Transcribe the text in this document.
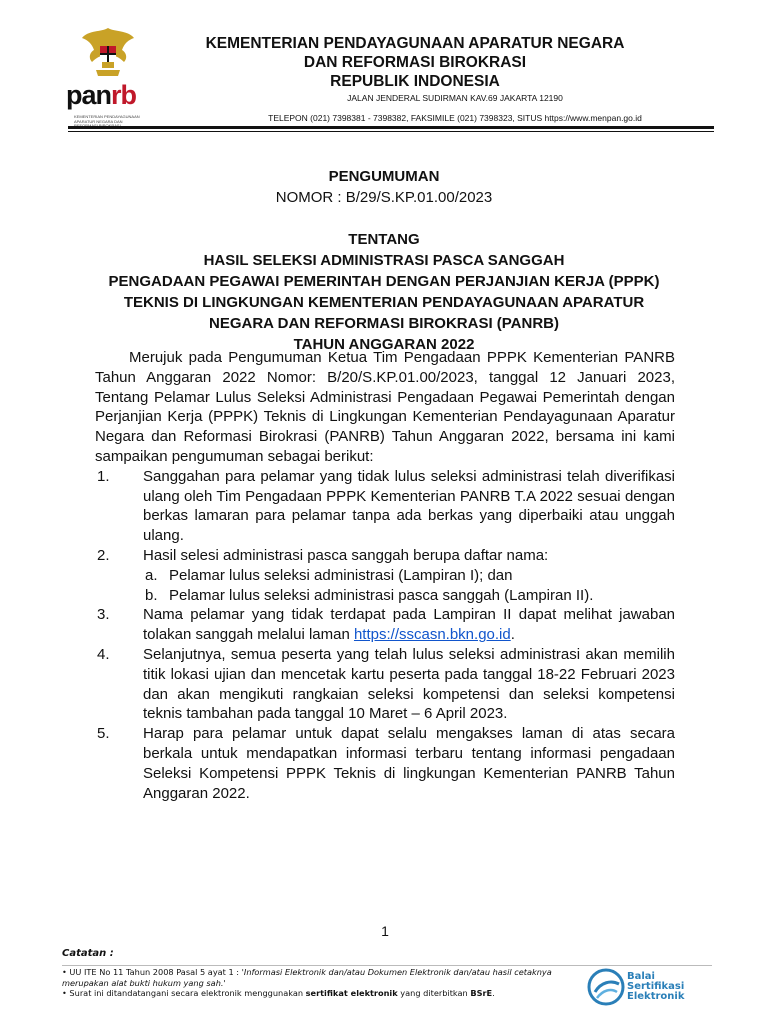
panrb
KEMENTERIAN PENDAYAGUNAAN APARATUR NEGARA DAN
KEMENTERIAN PENDAYAGUNAAN APARATUR NEGARA
DAN REFORMASI BIROKRASI
REPUBLIK INDONESIA
JALAN JENDERAL SUDIRMAN KAV.69 JAKARTA 12190
TELEPON (021) 7398381 - 7398382, FAKSIMILE (021) 7398323, SITUS https://www.menpan.go.id
PENGUMUMAN
NOMOR : B/29/S.KP.01.00/2023
TENTANG
HASIL SELEKSI ADMINISTRASI PASCA SANGGAH
PENGADAAN PEGAWAI PEMERINTAH DENGAN PERJANJIAN KERJA (PPPK)
TEKNIS DI LINGKUNGAN KEMENTERIAN PENDAYAGUNAAN APARATUR
NEGARA DAN REFORMASI BIROKRASI (PANRB)
TAHUN ANGGARAN 2022
Merujuk pada Pengumuman Ketua Tim Pengadaan PPPK Kementerian PANRB Tahun Anggaran 2022 Nomor: B/20/S.KP.01.00/2023, tanggal 12 Januari 2023, Tentang Pelamar Lulus Seleksi Administrasi Pengadaan Pegawai Pemerintah dengan Perjanjian Kerja (PPPK) Teknis di Lingkungan Kementerian Pendayagunaan Aparatur Negara dan Reformasi Birokrasi (PANRB) Tahun Anggaran 2022, bersama ini kami sampaikan pengumuman sebagai berikut:
1.	Sanggahan para pelamar yang tidak lulus seleksi administrasi telah diverifikasi ulang oleh Tim Pengadaan PPPK Kementerian PANRB T.A 2022 sesuai dengan berkas lamaran para pelamar tanpa ada berkas yang diperbaiki atau unggah ulang.
2.	Hasil selesi administrasi pasca sanggah berupa daftar nama:
a. Pelamar lulus seleksi administrasi (Lampiran I); dan
b. Pelamar lulus seleksi administrasi pasca sanggah (Lampiran II).
3.	Nama pelamar yang tidak terdapat pada Lampiran II dapat melihat jawaban tolakan sanggah melalui laman https://sscasn.bkn.go.id.
4.	Selanjutnya, semua peserta yang telah lulus seleksi administrasi akan memilih titik lokasi ujian dan mencetak kartu peserta pada tanggal 18-22 Februari 2023 dan akan mengikuti rangkaian seleksi kompetensi dan seleksi kompetensi teknis tambahan pada tanggal 10 Maret – 6 April 2023.
5.	Harap para pelamar untuk dapat selalu mengakses laman di atas secara berkala untuk mendapatkan informasi terbaru tentang informasi pengadaan Seleksi Kompetensi PPPK Teknis di lingkungan Kementerian PANRB Tahun Anggaran 2022.
1
Catatan :
• UU ITE No 11 Tahun 2008 Pasal 5 ayat 1 : 'Informasi Elektronik dan/atau Dokumen Elektronik dan/atau hasil cetaknya merupakan alat bukti hukum yang sah.'
• Surat ini ditandatangani secara elektronik menggunakan sertifikat elektronik yang diterbitkan BSrE.
Balai
Sertifikasi
Elektronik
